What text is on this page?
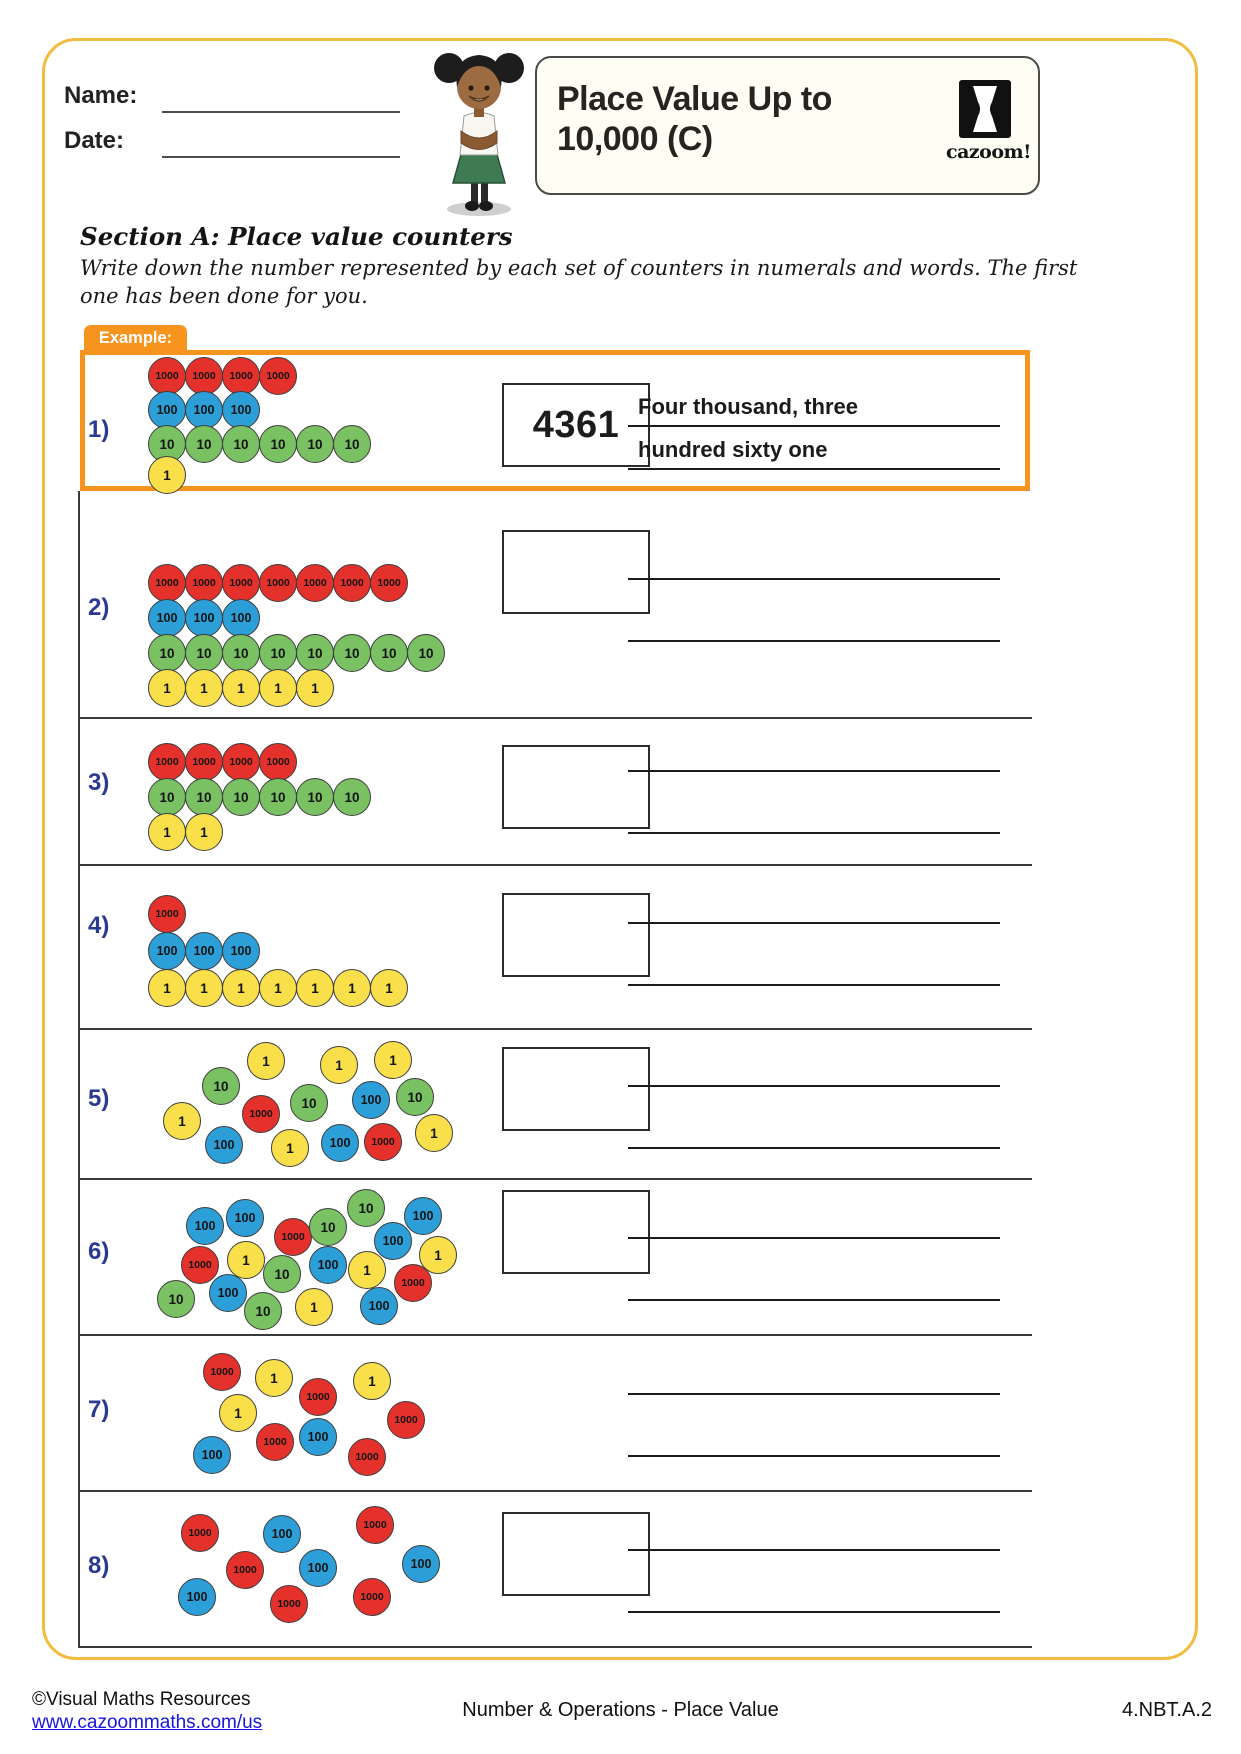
Name:
Date:
Place Value Up to
10,000 (C)	cazoom!
Section A: Place value counters
Write down the number represented by each set of counters in numerals and words. The first
one has been done for you.
Example:
1)
1000	1000	1000	1000
100	100	100
10	10	10	10	10	10
1
4361 Four thousand, three
hundred sixty one
2)
1000	1000	1000	1000	1000	1000	1000
100	100	100
10	10	10	10	10	10	10	10
1	1	1	1	1
3)
1000	1000	1000	1000
10	10	10	10	10	10
1	1
4)	1000
100	100	100
1	1	1	1	1	1	1
5)
1	1	1
10
10	100	10
1	1000
1
100	1	100	1000
6)
100
100
1000
10
10
100
100
1
1000	1
10
100	1
1000
10	100
10	1	100
7)
1000	1
1000
1
1	1000
1000	100
100	1000
8)
1000	100
1000
100	100
1000
100	1000
1000
©Visual Maths Resources
www.cazoommaths.com/us
Number & Operations - Place Value	4.NBT.A.2
